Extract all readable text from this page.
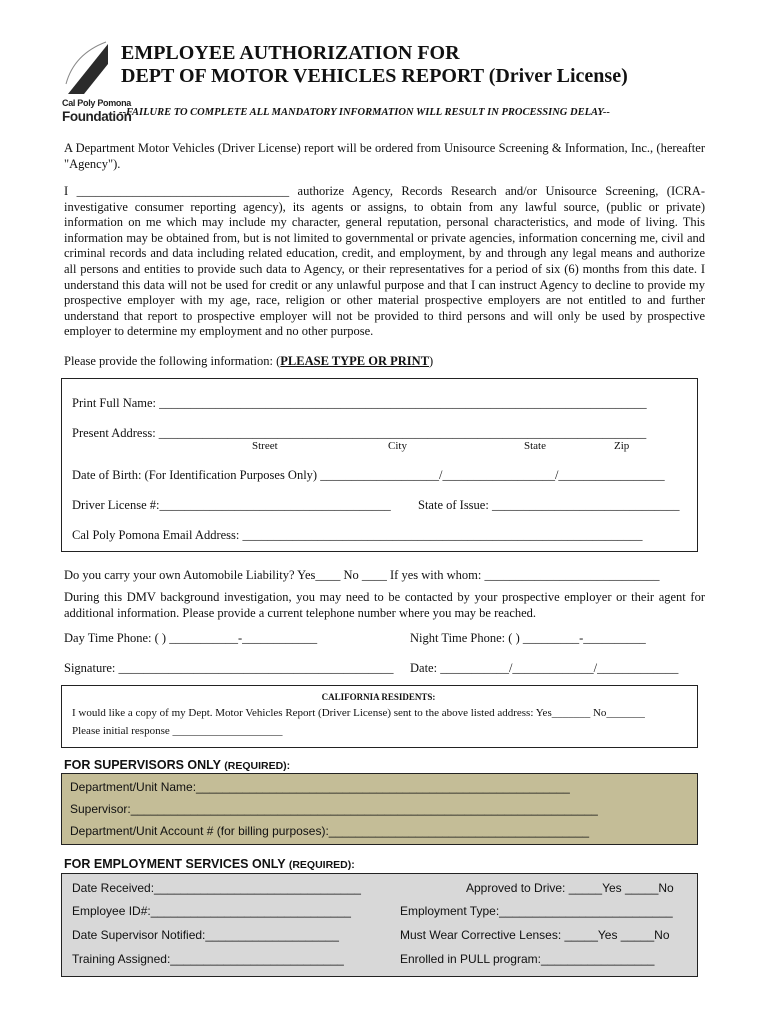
Cal Poly Pomona
Foundation
EMPLOYEE AUTHORIZATION FOR
DEPT OF MOTOR VEHICLES REPORT (Driver License)
--FAILURE TO COMPLETE ALL MANDATORY INFORMATION WILL RESULT IN PROCESSING DELAY--
A Department Motor Vehicles (Driver License) report will be ordered from Unisource Screening & Information, Inc., (hereafter "Agency").
I __________________________________ authorize Agency, Records Research and/or Unisource Screening, (ICRA-investigative consumer reporting agency), its agents or assigns, to obtain from any lawful source, (public or private) information on me which may include my character, general reputation, personal characteristics, and mode of living. This information may be obtained from, but is not limited to governmental or private agencies, information concerning me, civil and criminal records and data including related education, credit, and employment, by and through any legal means and authorize all persons and entities to provide such data to Agency, or their representatives for a period of six (6) months from this date. I understand this data will not be used for credit or any unlawful purpose and that I can instruct Agency to decline to provide my prospective employer with my age, race, religion or other material prospective employers are not entitled to and further understand that report to prospective employer will not be provided to third persons and will only be used by prospective employer to determine my employment and no other purpose.
Please provide the following information: (PLEASE TYPE OR PRINT)
Print Full Name: ______________________________________________________________________________
Present Address: ______________________________________________________________________________
Street	City	State	Zip
Date of Birth: (For Identification Purposes Only) ___________________/__________________/_________________
Driver License #:_____________________________________ State of Issue: ______________________________
Cal Poly Pomona Email Address: ________________________________________________________________
Do you carry your own Automobile Liability? Yes____ No ____ If yes with whom: ____________________________
During this DMV background investigation, you may need to be contacted by your prospective employer or their agent for additional information. Please provide a current telephone number where you may be reached.
Day Time Phone: ( ) ___________-____________	Night Time Phone: ( ) _________-__________
Signature: ____________________________________________ Date: ___________/_____________/_____________
CALIFORNIA RESIDENTS:
I would like a copy of my Dept. Motor Vehicles Report (Driver License) sent to the above listed address: Yes_______ No_______
Please initial response ____________________
FOR SUPERVISORS ONLY (REQUIRED):
Department/Unit Name:________________________________________________________
Supervisor:______________________________________________________________________
Department/Unit Account # (for billing purposes):_______________________________________
FOR EMPLOYMENT SERVICES ONLY (REQUIRED):
Date Received:_______________________________	Approved to Drive: _____Yes _____No
Employee ID#:______________________________	Employment Type:__________________________
Date Supervisor Notified:____________________	Must Wear Corrective Lenses: _____Yes _____No
Training Assigned:__________________________	Enrolled in PULL program:_________________
